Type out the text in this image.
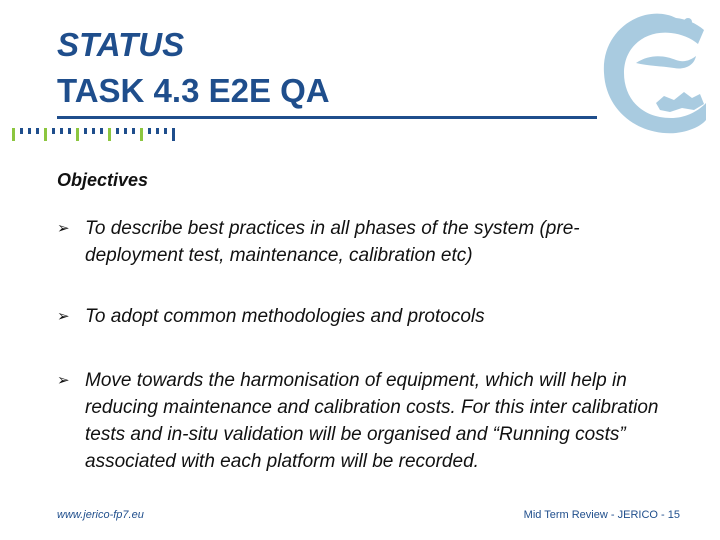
STATUS
TASK 4.3 E2E QA
Objectives
➢ To describe best practices in all phases of the system (pre-deployment test, maintenance, calibration etc)
➢ To adopt common methodologies and protocols
➢ Move towards the harmonisation of equipment, which will help in reducing maintenance and calibration costs. For this inter calibration tests and in-situ validation will be organised and “Running costs” associated with each platform will be recorded.
www.jerico-fp7.eu	Mid Term Review - JERICO - 15
